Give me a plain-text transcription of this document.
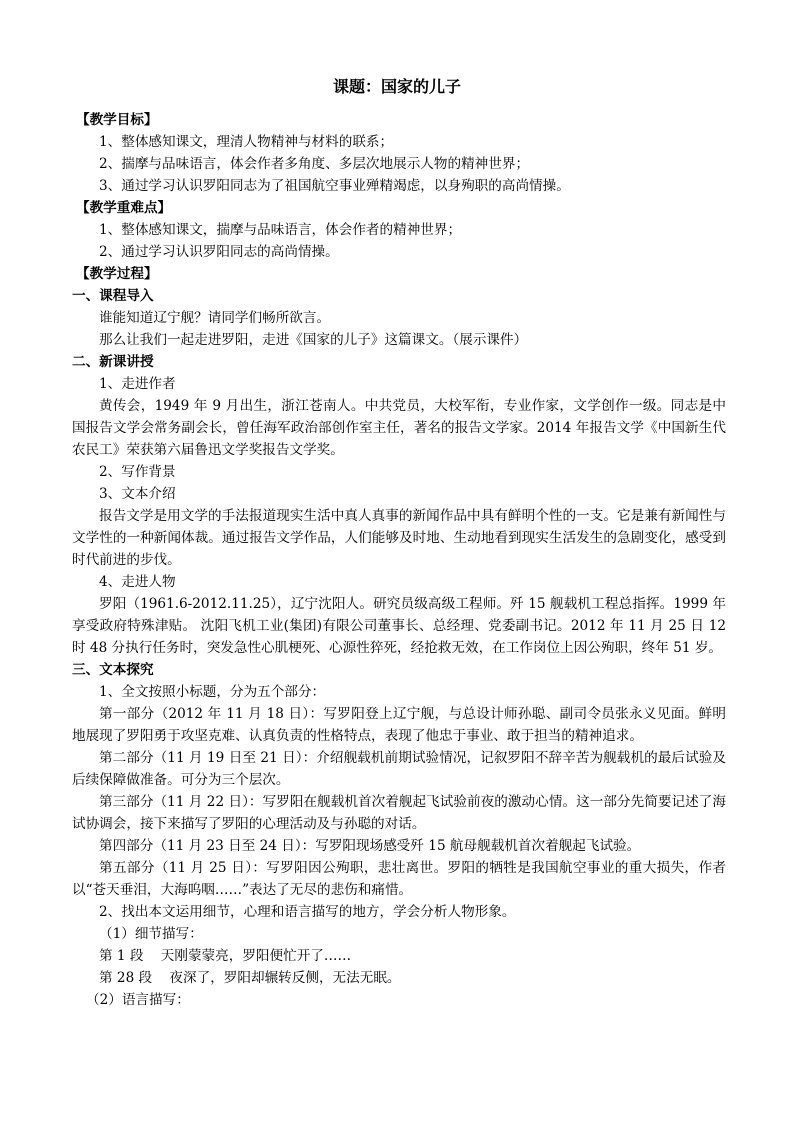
课题：国家的儿子

【教学目标】

1、整体感知课文，理清人物精神与材料的联系；

2、揣摩与品味语言，体会作者多角度、多层次地展示人物的精神世界；

3、通过学习认识罗阳同志为了祖国航空事业殚精竭虑，以身殉职的高尚情操。

【教学重难点】

1、整体感知课文，揣摩与品味语言，体会作者的精神世界；

2、通过学习认识罗阳同志的高尚情操。

【教学过程】

一、课程导入

谁能知道辽宁舰？请同学们畅所欲言。

那么让我们一起走进罗阳，走进《国家的儿子》这篇课文。（展示课件）

二、新课讲授

1、走进作者

黄传会，1949 年 9 月出生，浙江苍南人。中共党员，大校军衔，专业作家，文学创作一级。同志是中国报告文学会常务副会长，曾任海军政治部创作室主任，著名的报告文学家。2014 年报告文学《中国新生代农民工》荣获第六届鲁迅文学奖报告文学奖。

2、写作背景

3、文本介绍

报告文学是用文学的手法报道现实生活中真人真事的新闻作品中具有鲜明个性的一支。它是兼有新闻性与文学性的一种新闻体裁。通过报告文学作品，人们能够及时地、生动地看到现实生活发生的急剧变化，感受到时代前进的步伐。

4、走进人物

罗阳（1961.6-2012.11.25），辽宁沈阳人。研究员级高级工程师。歼 15 舰载机工程总指挥。1999 年享受政府特殊津贴。 沈阳飞机工业(集团)有限公司董事长、总经理、党委副书记。2012 年 11 月 25 日 12 时 48 分执行任务时，突发急性心肌梗死、心源性猝死，经抢救无效，在工作岗位上因公殉职，终年 51 岁。

三、文本探究

1、全文按照小标题，分为五个部分：

第一部分（2012 年 11 月 18 日）：写罗阳登上辽宁舰，与总设计师孙聪、副司令员张永义见面。鲜明地展现了罗阳勇于攻坚克难、认真负责的性格特点，表现了他忠于事业、敢于担当的精神追求。

第二部分（11 月 19 日至 21 日）：介绍舰载机前期试验情况，记叙罗阳不辞辛苦为舰载机的最后试验及后续保障做准备。可分为三个层次。

第三部分（11 月 22 日）：写罗阳在舰载机首次着舰起飞试验前夜的激动心情。这一部分先简要记述了海试协调会，接下来描写了罗阳的心理活动及与孙聪的对话。

第四部分（11 月 23 日至 24 日）：写罗阳现场感受歼 15 航母舰载机首次着舰起飞试验。

第五部分（11 月 25 日）：写罗阳因公殉职，悲壮离世。罗阳的牺牲是我国航空事业的重大损失，作者以“苍天垂泪，大海呜咽……”表达了无尽的悲伤和痛惜。

2、找出本文运用细节，心理和语言描写的地方，学会分析人物形象。

（1）细节描写：

第 1 段    天刚蒙蒙亮，罗阳便忙开了……

第 28 段    夜深了，罗阳却辗转反侧，无法无眠。

（2）语言描写：
